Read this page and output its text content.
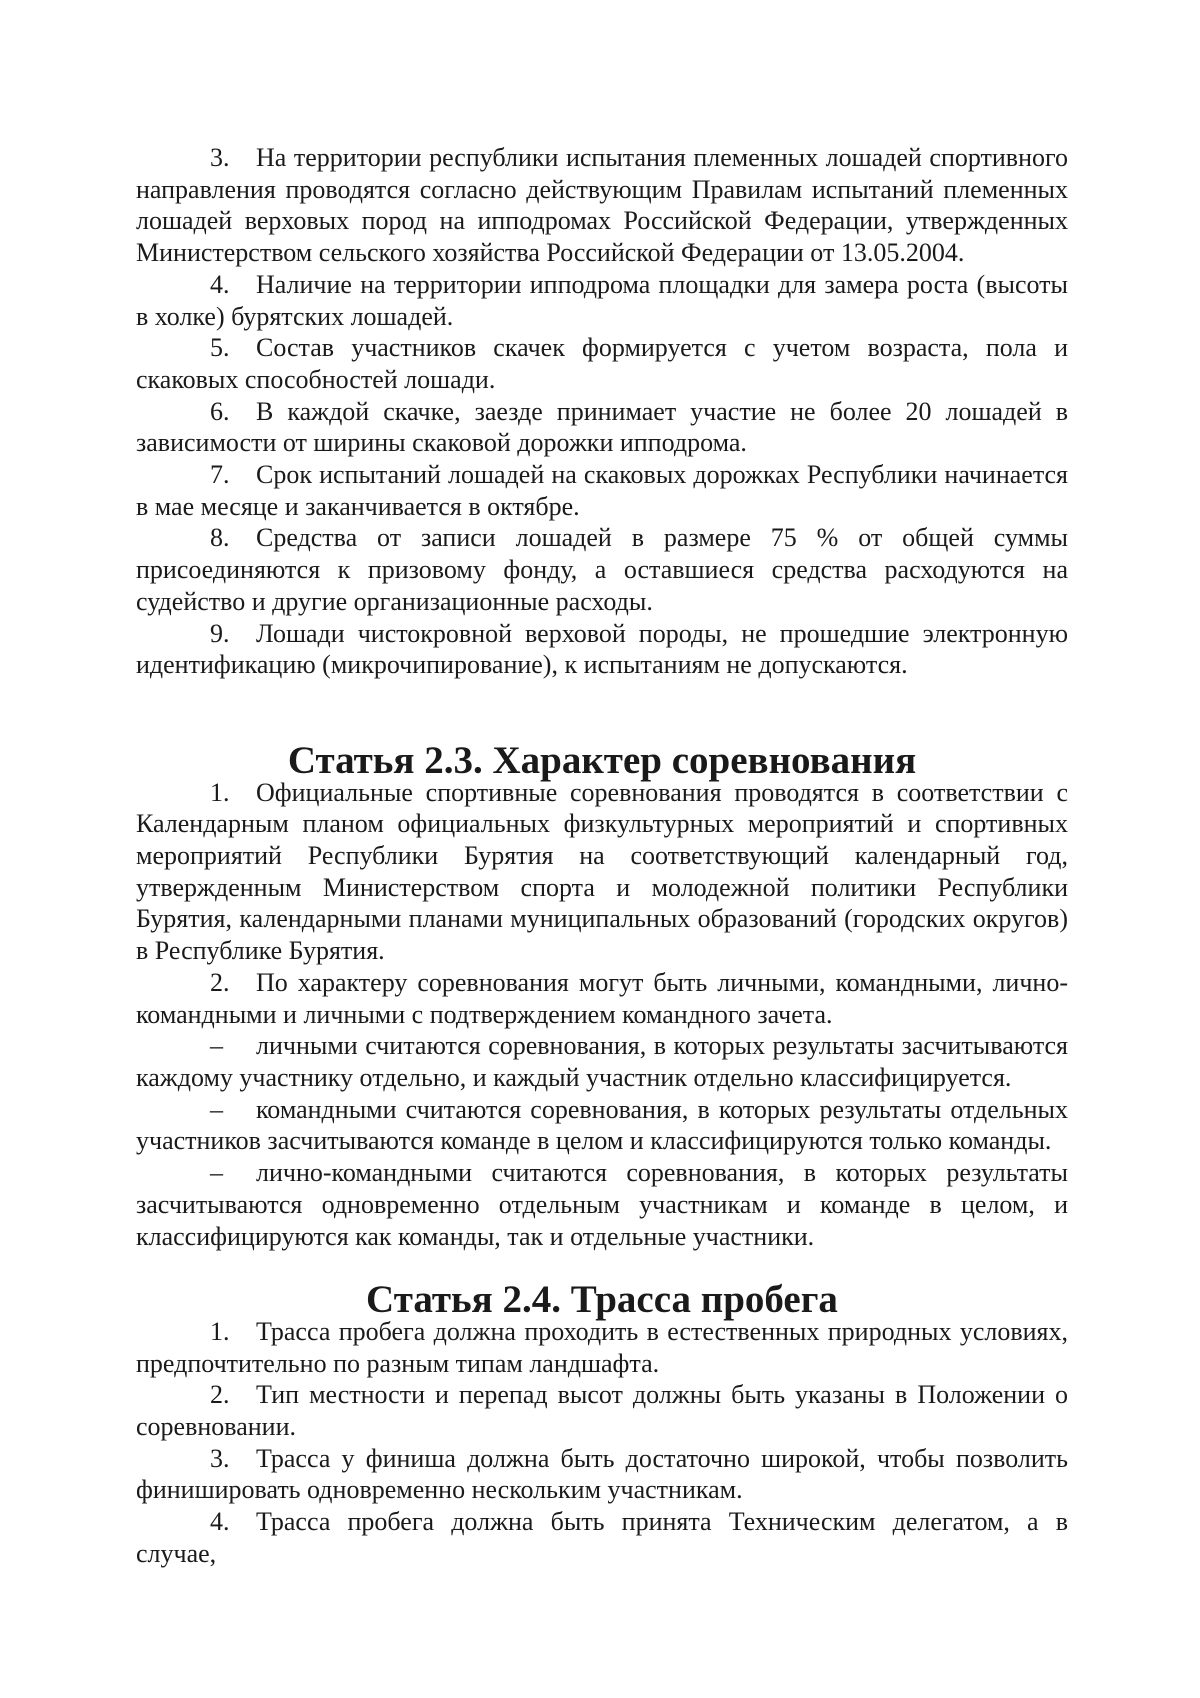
3. На территории республики испытания племенных лошадей спортивного направления проводятся согласно действующим Правилам испытаний племенных лошадей верховых пород на ипподромах Российской Федерации, утвержденных Министерством сельского хозяйства Российской Федерации от 13.05.2004.

4. Наличие на территории ипподрома площадки для замера роста (высоты в холке) бурятских лошадей.

5. Состав участников скачек формируется с учетом возраста, пола и скаковых способностей лошади.

6. В каждой скачке, заезде принимает участие не более 20 лошадей в зависимости от ширины скаковой дорожки ипподрома.

7. Срок испытаний лошадей на скаковых дорожках Республики начинается в мае месяце и заканчивается в октябре.

8. Средства от записи лошадей в размере 75 % от общей суммы присоединяются к призовому фонду, а оставшиеся средства расходуются на судейство и другие организационные расходы.

9. Лошади чистокровной верховой породы, не прошедшие электронную идентификацию (микрочипирование), к испытаниям не допускаются.

Статья 2.3. Характер соревнования

1. Официальные спортивные соревнования проводятся в соответствии с Календарным планом официальных физкультурных мероприятий и спортивных мероприятий Республики Бурятия на соответствующий календарный год, утвержденным Министерством спорта и молодежной политики Республики Бурятия, календарными планами муниципальных образований (городских округов) в Республике Бурятия.

2. По характеру соревнования могут быть личными, командными, лично-командными и личными с подтверждением командного зачета.

– личными считаются соревнования, в которых результаты засчитываются каждому участнику отдельно, и каждый участник отдельно классифицируется.

– командными считаются соревнования, в которых результаты отдельных участников засчитываются команде в целом и классифицируются только команды.

– лично-командными считаются соревнования, в которых результаты засчитываются одновременно отдельным участникам и команде в целом, и классифицируются как команды, так и отдельные участники.

Статья 2.4. Трасса пробега

1. Трасса пробега должна проходить в естественных природных условиях, предпочтительно по разным типам ландшафта.

2. Тип местности и перепад высот должны быть указаны в Положении о соревновании.

3. Трасса у финиша должна быть достаточно широкой, чтобы позволить финишировать одновременно нескольким участникам.

4. Трасса пробега должна быть принята Техническим делегатом, а в случае,
